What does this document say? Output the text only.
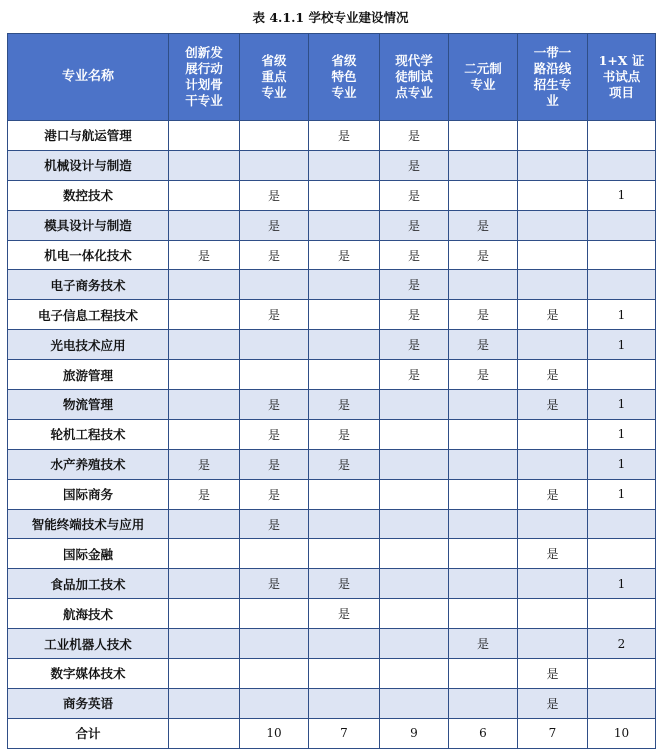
表 4.1.1 学校专业建设情况
专业名称	创新发
展行动
计划骨
干专业	省级
重点
专业	省级
特色
专业	现代学
徒制试
点专业	二元制
专业	一带一
路沿线
招生专
业	1+X 证
书试点
项目
港口与航运管理			是	是			
机械设计与制造				是			
数控技术		是		是			1
模具设计与制造		是		是	是		
机电一体化技术	是	是	是	是	是		
电子商务技术				是			
电子信息工程技术		是		是	是	是	1
光电技术应用				是	是		1
旅游管理				是	是	是	
物流管理		是	是			是	1
轮机工程技术		是	是				1
水产养殖技术	是	是	是				1
国际商务	是	是				是	1
智能终端技术与应用		是					
国际金融						是	
食品加工技术		是	是				1
航海技术			是				
工业机器人技术					是		2
数字媒体技术						是	
商务英语						是	
合计		10	7	9	6	7	10
